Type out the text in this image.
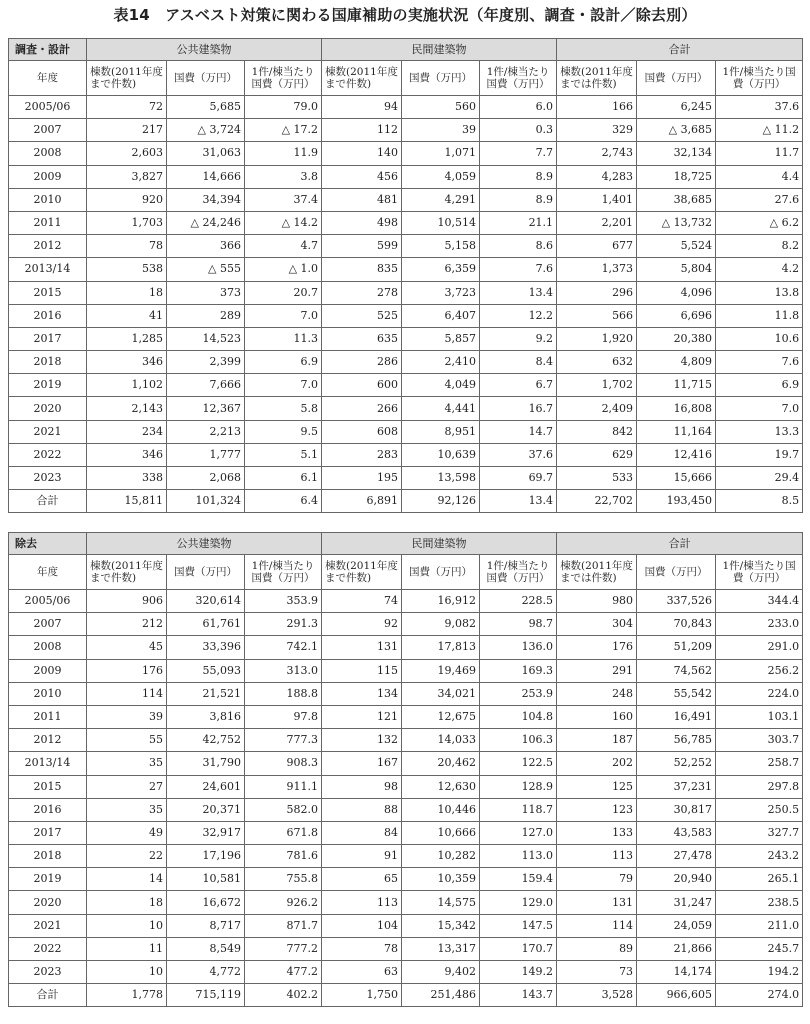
表14　アスベスト対策に関わる国庫補助の実施状況（年度別、調査・設計／除去別）
調査・設計	公共建築物			民間建築物			合計		
年度	棟数(2011年度まで件数)	国費（万円）	1件/棟当たり国費（万円）	棟数(2011年度まで件数)	国費（万円）	1件/棟当たり国費（万円）	棟数(2011年度までは件数)	国費（万円）	1件/棟当たり国費（万円）
2005/06	72	5,685	79.0	94	560	6.0	166	6,245	37.6
2007	217	△ 3,724	△ 17.2	112	39	0.3	329	△ 3,685	△ 11.2
2008	2,603	31,063	11.9	140	1,071	7.7	2,743	32,134	11.7
2009	3,827	14,666	3.8	456	4,059	8.9	4,283	18,725	4.4
2010	920	34,394	37.4	481	4,291	8.9	1,401	38,685	27.6
2011	1,703	△ 24,246	△ 14.2	498	10,514	21.1	2,201	△ 13,732	△ 6.2
2012	78	366	4.7	599	5,158	8.6	677	5,524	8.2
2013/14	538	△ 555	△ 1.0	835	6,359	7.6	1,373	5,804	4.2
2015	18	373	20.7	278	3,723	13.4	296	4,096	13.8
2016	41	289	7.0	525	6,407	12.2	566	6,696	11.8
2017	1,285	14,523	11.3	635	5,857	9.2	1,920	20,380	10.6
2018	346	2,399	6.9	286	2,410	8.4	632	4,809	7.6
2019	1,102	7,666	7.0	600	4,049	6.7	1,702	11,715	6.9
2020	2,143	12,367	5.8	266	4,441	16.7	2,409	16,808	7.0
2021	234	2,213	9.5	608	8,951	14.7	842	11,164	13.3
2022	346	1,777	5.1	283	10,639	37.6	629	12,416	19.7
2023	338	2,068	6.1	195	13,598	69.7	533	15,666	29.4
合計	15,811	101,324	6.4	6,891	92,126	13.4	22,702	193,450	8.5
除去	公共建築物			民間建築物			合計		
年度	棟数(2011年度まで件数)	国費（万円）	1件/棟当たり国費（万円）	棟数(2011年度まで件数)	国費（万円）	1件/棟当たり国費（万円）	棟数(2011年度までは件数)	国費（万円）	1件/棟当たり国費（万円）
2005/06	906	320,614	353.9	74	16,912	228.5	980	337,526	344.4
2007	212	61,761	291.3	92	9,082	98.7	304	70,843	233.0
2008	45	33,396	742.1	131	17,813	136.0	176	51,209	291.0
2009	176	55,093	313.0	115	19,469	169.3	291	74,562	256.2
2010	114	21,521	188.8	134	34,021	253.9	248	55,542	224.0
2011	39	3,816	97.8	121	12,675	104.8	160	16,491	103.1
2012	55	42,752	777.3	132	14,033	106.3	187	56,785	303.7
2013/14	35	31,790	908.3	167	20,462	122.5	202	52,252	258.7
2015	27	24,601	911.1	98	12,630	128.9	125	37,231	297.8
2016	35	20,371	582.0	88	10,446	118.7	123	30,817	250.5
2017	49	32,917	671.8	84	10,666	127.0	133	43,583	327.7
2018	22	17,196	781.6	91	10,282	113.0	113	27,478	243.2
2019	14	10,581	755.8	65	10,359	159.4	79	20,940	265.1
2020	18	16,672	926.2	113	14,575	129.0	131	31,247	238.5
2021	10	8,717	871.7	104	15,342	147.5	114	24,059	211.0
2022	11	8,549	777.2	78	13,317	170.7	89	21,866	245.7
2023	10	4,772	477.2	63	9,402	149.2	73	14,174	194.2
合計	1,778	715,119	402.2	1,750	251,486	143.7	3,528	966,605	274.0
